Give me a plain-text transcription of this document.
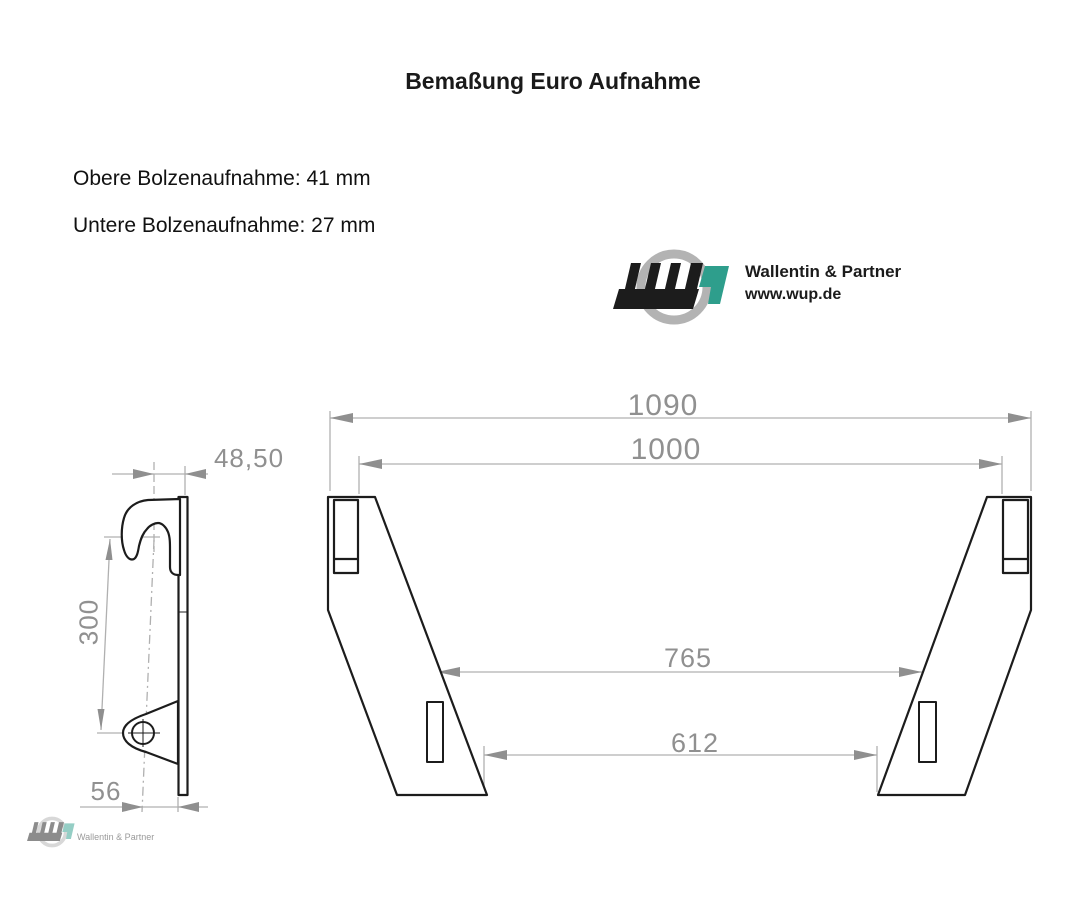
Bemaßung Euro Aufnahme
Obere Bolzenaufnahme: 41 mm
Untere Bolzenaufnahme: 27 mm
Wallentin & Partner
www.wup.de
1090
1000
765
612
48,50
300
56
Wallentin & Partner
